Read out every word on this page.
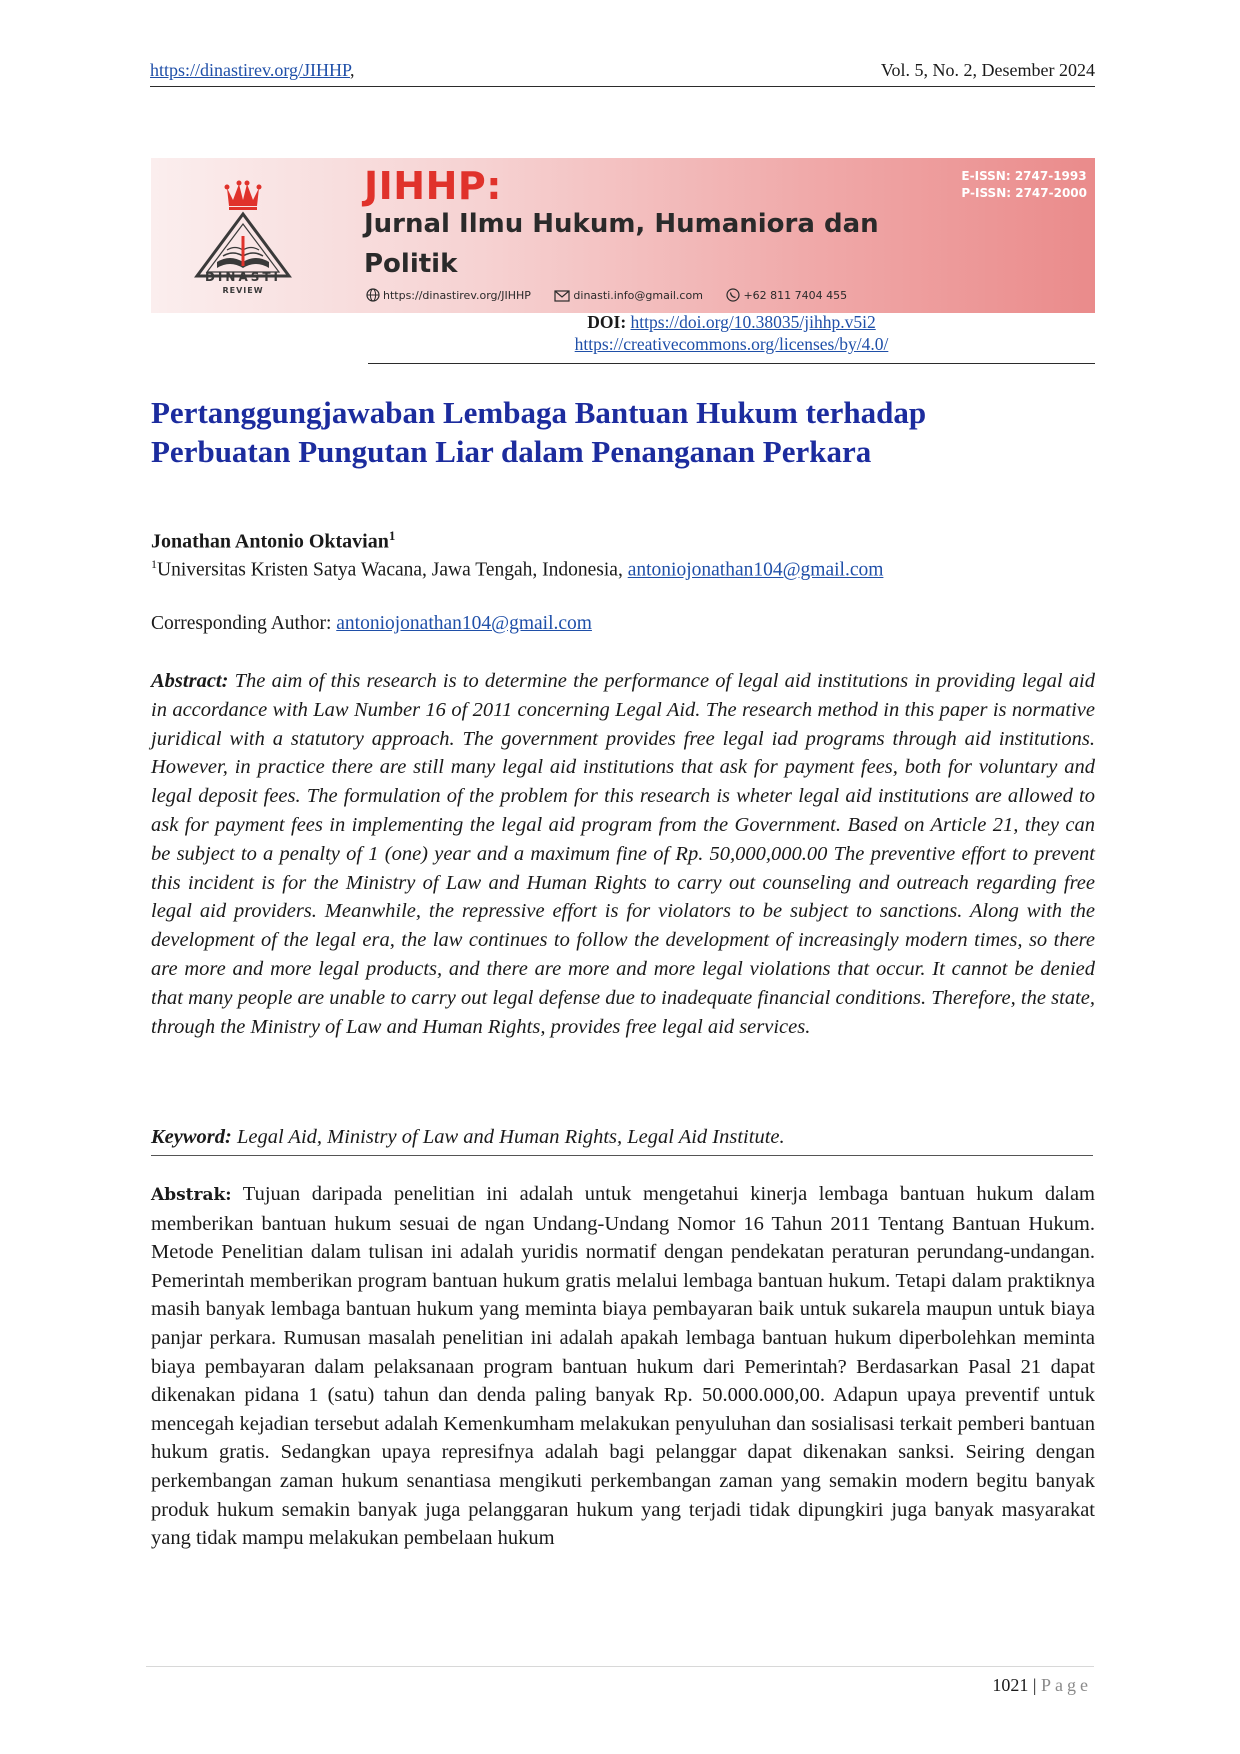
https://dinastirev.org/JIHHP,	Vol. 5, No. 2, Desember 2024
DINASTI
REVIEW
JIHHP:
Jurnal Ilmu Hukum, Humaniora dan
Politik
E-ISSN: 2747-1993
P-ISSN: 2747-2000
https://dinastirev.org/JIHHP	dinasti.info@gmail.com	+62 811 7404 455
DOI: https://doi.org/10.38035/jihhp.v5i2
https://creativecommons.org/licenses/by/4.0/
Pertanggungjawaban Lembaga Bantuan Hukum terhadap
Perbuatan Pungutan Liar dalam Penanganan Perkara
Jonathan Antonio Oktavian$^1$
$^1$Universitas Kristen Satya Wacana, Jawa Tengah, Indonesia, antoniojonathan104@gmail.com
Corresponding Author: antoniojonathan104@gmail.com
Abstract: The aim of this research is to determine the performance of legal aid institutions in providing legal aid in accordance with Law Number 16 of 2011 concerning Legal Aid. The research method in this paper is normative juridical with a statutory approach. The government provides free legal iad programs through aid institutions. However, in practice there are still many legal aid institutions that ask for payment fees, both for voluntary and legal deposit fees. The formulation of the problem for this research is wheter legal aid institutions are allowed to ask for payment fees in implementing the legal aid program from the Government. Based on Article 21, they can be subject to a penalty of 1 (one) year and a maximum fine of Rp. 50,000,000.00 The preventive effort to prevent this incident is for the Ministry of Law and Human Rights to carry out counseling and outreach regarding free legal aid providers. Meanwhile, the repressive effort is for violators to be subject to sanctions. Along with the development of the legal era, the law continues to follow the development of increasingly modern times, so there are more and more legal products, and there are more and more legal violations that occur. It cannot be denied that many people are unable to carry out legal defense due to inadequate financial conditions. Therefore, the state, through the Ministry of Law and Human Rights, provides free legal aid services.
Keyword: Legal Aid, Ministry of Law and Human Rights, Legal Aid Institute.
Abstrak: Tujuan daripada penelitian ini adalah untuk mengetahui kinerja lembaga bantuan hukum dalam memberikan bantuan hukum sesuai de ngan Undang-Undang Nomor 16 Tahun 2011 Tentang Bantuan Hukum. Metode Penelitian dalam tulisan ini adalah yuridis normatif dengan pendekatan peraturan perundang-undangan. Pemerintah memberikan program bantuan hukum gratis melalui lembaga bantuan hukum. Tetapi dalam praktiknya masih banyak lembaga bantuan hukum yang meminta biaya pembayaran baik untuk sukarela maupun untuk biaya panjar perkara. Rumusan masalah penelitian ini adalah apakah lembaga bantuan hukum diperbolehkan meminta biaya pembayaran dalam pelaksanaan program bantuan hukum dari Pemerintah? Berdasarkan Pasal 21 dapat dikenakan pidana 1 (satu) tahun dan denda paling banyak Rp. 50.000.000,00. Adapun upaya preventif untuk mencegah kejadian tersebut adalah Kemenkumham melakukan penyuluhan dan sosialisasi terkait pemberi bantuan hukum gratis. Sedangkan upaya represifnya adalah bagi pelanggar dapat dikenakan sanksi. Seiring dengan perkembangan zaman hukum senantiasa mengikuti perkembangan zaman yang semakin modern begitu banyak produk hukum semakin banyak juga pelanggaran hukum yang terjadi tidak dipungkiri juga banyak masyarakat yang tidak mampu melakukan pembelaan hukum
1021 | Page
